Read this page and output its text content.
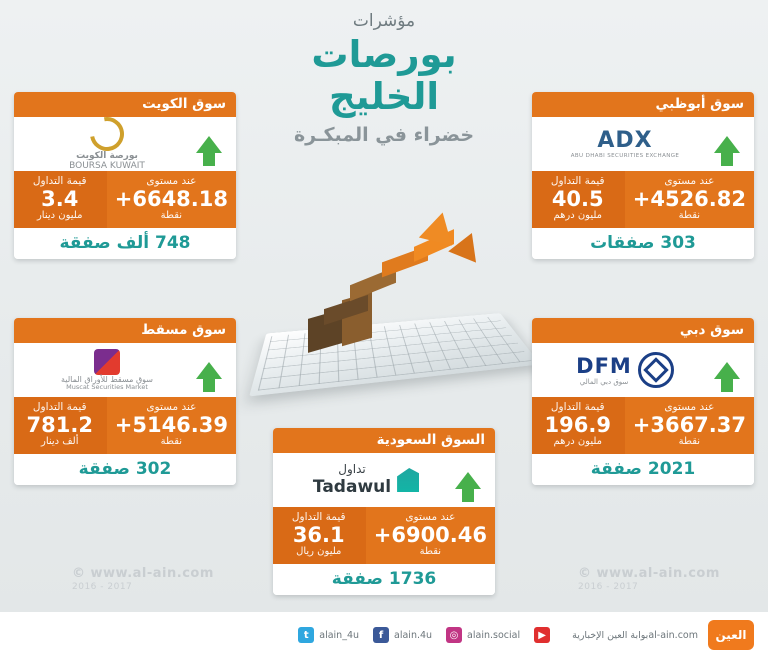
مؤشرات
بورصات
الخليج
خضراء في المبكـرة
سوق الكويت
بورصة الكويت
BOURSA KUWAIT
عند مستوى
6648.18+
نقطة
قيمة التداول
3.4
مليون دينار
748 ألف صفقة
سوق أبوظبي
ADX
ABU DHABI SECURITIES EXCHANGE
عند مستوى
4526.82+
نقطة
قيمة التداول
40.5
مليون درهم
303 صفقات
سوق مسقط
سوق مسقط للأوراق المالية
Muscat Securities Market
عند مستوى
5146.39+
نقطة
قيمة التداول
781.2
ألف دينار
302 صفقة
سوق دبي
DFM
سوق دبي المالي
عند مستوى
3667.37+
نقطة
قيمة التداول
196.9
مليون درهم
2021 صفقة
السوق السعودية
تداول
Tadawul
عند مستوى
6900.46+
نقطة
قيمة التداول
36.1
مليون ريال
1736 صفقة
© www.al-ain.com
2016 - 2017
© www.al-ain.com
2016 - 2017
العين
al-ain.com
t	alain_4u	f	alain.4u	◎ alain.social	▶	بوابة العين الإخبارية
